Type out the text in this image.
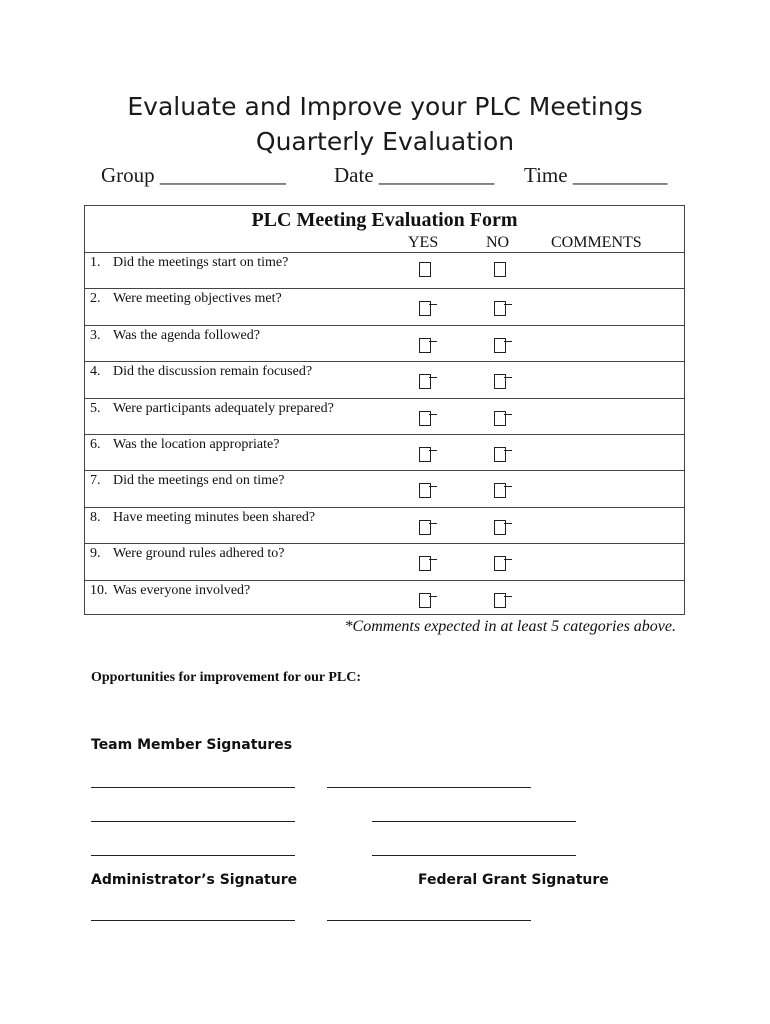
Evaluate and Improve your PLC Meetings
Quarterly Evaluation
Group ____________ Date ___________ Time _________
PLC Meeting Evaluation Form
YES	NO	COMMENTS
1. Did the meetings start on time?
2. Were meeting objectives met?
3. Was the agenda followed?
4. Did the discussion remain focused?
5. Were participants adequately prepared?
6. Was the location appropriate?
7. Did the meetings end on time?
8. Have meeting minutes been shared?
9. Were ground rules adhered to?
10. Was everyone involved?
*Comments expected in at least 5 categories above.
Opportunities for improvement for our PLC:
Team Member Signatures
Administrator’s Signature	Federal Grant Signature
